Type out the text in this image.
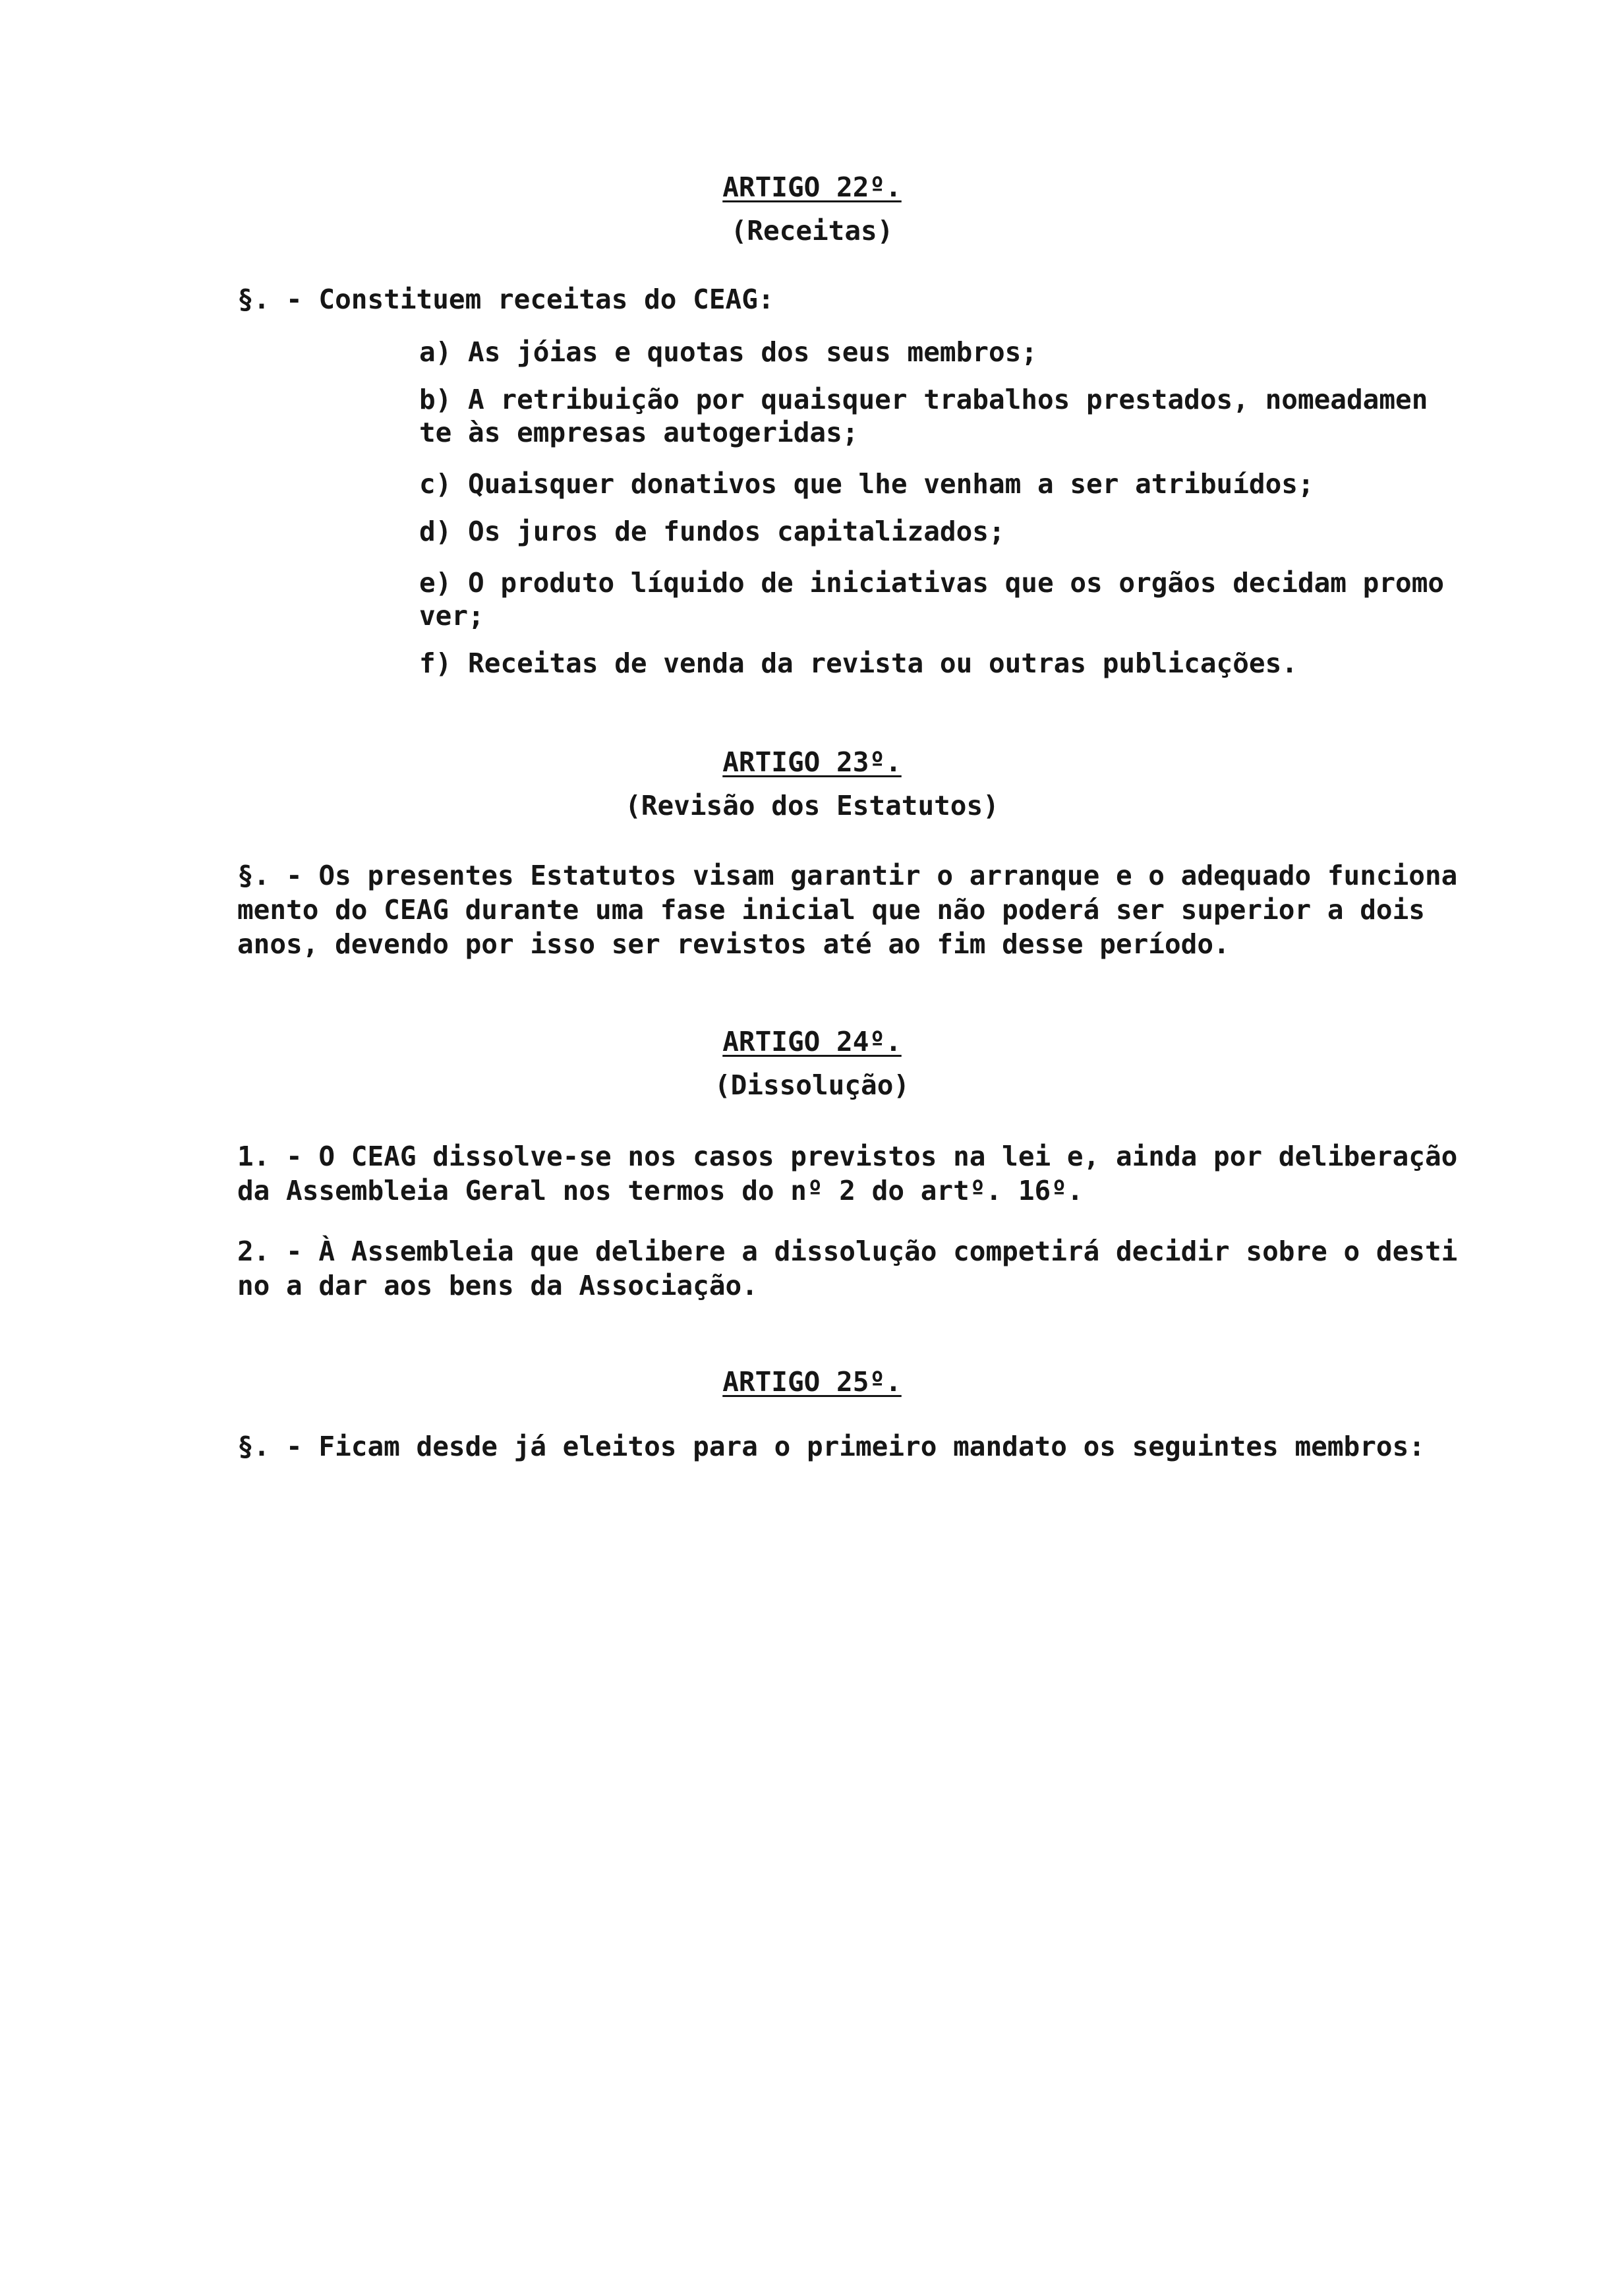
ARTIGO 22º.
(Receitas)
§. - Constituem receitas do CEAG:
a) As jóias e quotas dos seus membros;
b) A retribuição por quaisquer trabalhos prestados, nomeadamen
te às empresas autogeridas;
c) Quaisquer donativos que lhe venham a ser atribuídos;
d) Os juros de fundos capitalizados;
e) O produto líquido de iniciativas que os orgãos decidam promo
ver;
f) Receitas de venda da revista ou outras publicações.
ARTIGO 23º.
(Revisão dos Estatutos)
§. - Os presentes Estatutos visam garantir o arranque e o adequado funciona
mento do CEAG durante uma fase inicial que não poderá ser superior a dois
anos, devendo por isso ser revistos até ao fim desse período.
ARTIGO 24º.
(Dissolução)
1. - O CEAG dissolve-se nos casos previstos na lei e, ainda por deliberação
da Assembleia Geral nos termos do nº 2 do artº. 16º.
2. - À Assembleia que delibere a dissolução competirá decidir sobre o desti
no a dar aos bens da Associação.
ARTIGO 25º.
§. - Ficam desde já eleitos para o primeiro mandato os seguintes membros:
